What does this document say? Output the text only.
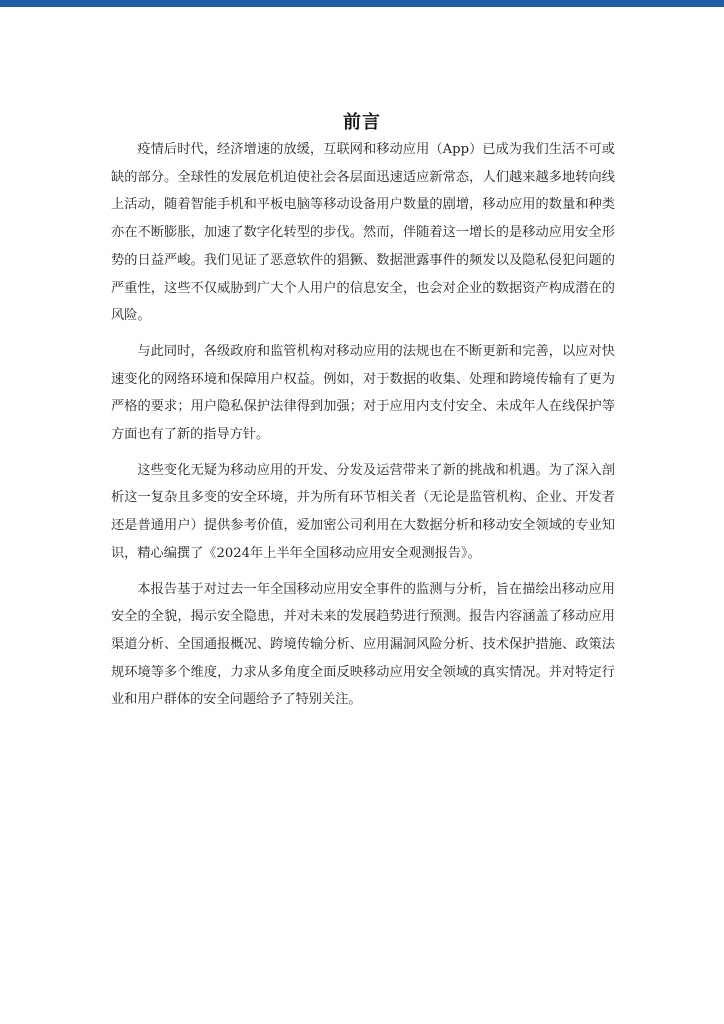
前言

疫情后时代，经济增速的放缓，互联网和移动应用（App）已成为我们生活不可或缺的部分。全球性的发展危机迫使社会各层面迅速适应新常态，人们越来越多地转向线上活动，随着智能手机和平板电脑等移动设备用户数量的剧增，移动应用的数量和种类亦在不断膨胀，加速了数字化转型的步伐。然而，伴随着这一增长的是移动应用安全形势的日益严峻。我们见证了恶意软件的猖獗、数据泄露事件的频发以及隐私侵犯问题的严重性，这些不仅威胁到广大个人用户的信息安全，也会对企业的数据资产构成潜在的风险。

与此同时，各级政府和监管机构对移动应用的法规也在不断更新和完善，以应对快速变化的网络环境和保障用户权益。例如，对于数据的收集、处理和跨境传输有了更为严格的要求；用户隐私保护法律得到加强；对于应用内支付安全、未成年人在线保护等方面也有了新的指导方针。

这些变化无疑为移动应用的开发、分发及运营带来了新的挑战和机遇。为了深入剖析这一复杂且多变的安全环境，并为所有环节相关者（无论是监管机构、企业、开发者还是普通用户）提供参考价值，爱加密公司利用在大数据分析和移动安全领域的专业知识，精心编撰了《2024年上半年全国移动应用安全观测报告》。

本报告基于对过去一年全国移动应用安全事件的监测与分析，旨在描绘出移动应用安全的全貌，揭示安全隐患，并对未来的发展趋势进行预测。报告内容涵盖了移动应用渠道分析、全国通报概况、跨境传输分析、应用漏洞风险分析、技术保护措施、政策法规环境等多个维度，力求从多角度全面反映移动应用安全领域的真实情况。并对特定行业和用户群体的安全问题给予了特别关注。
